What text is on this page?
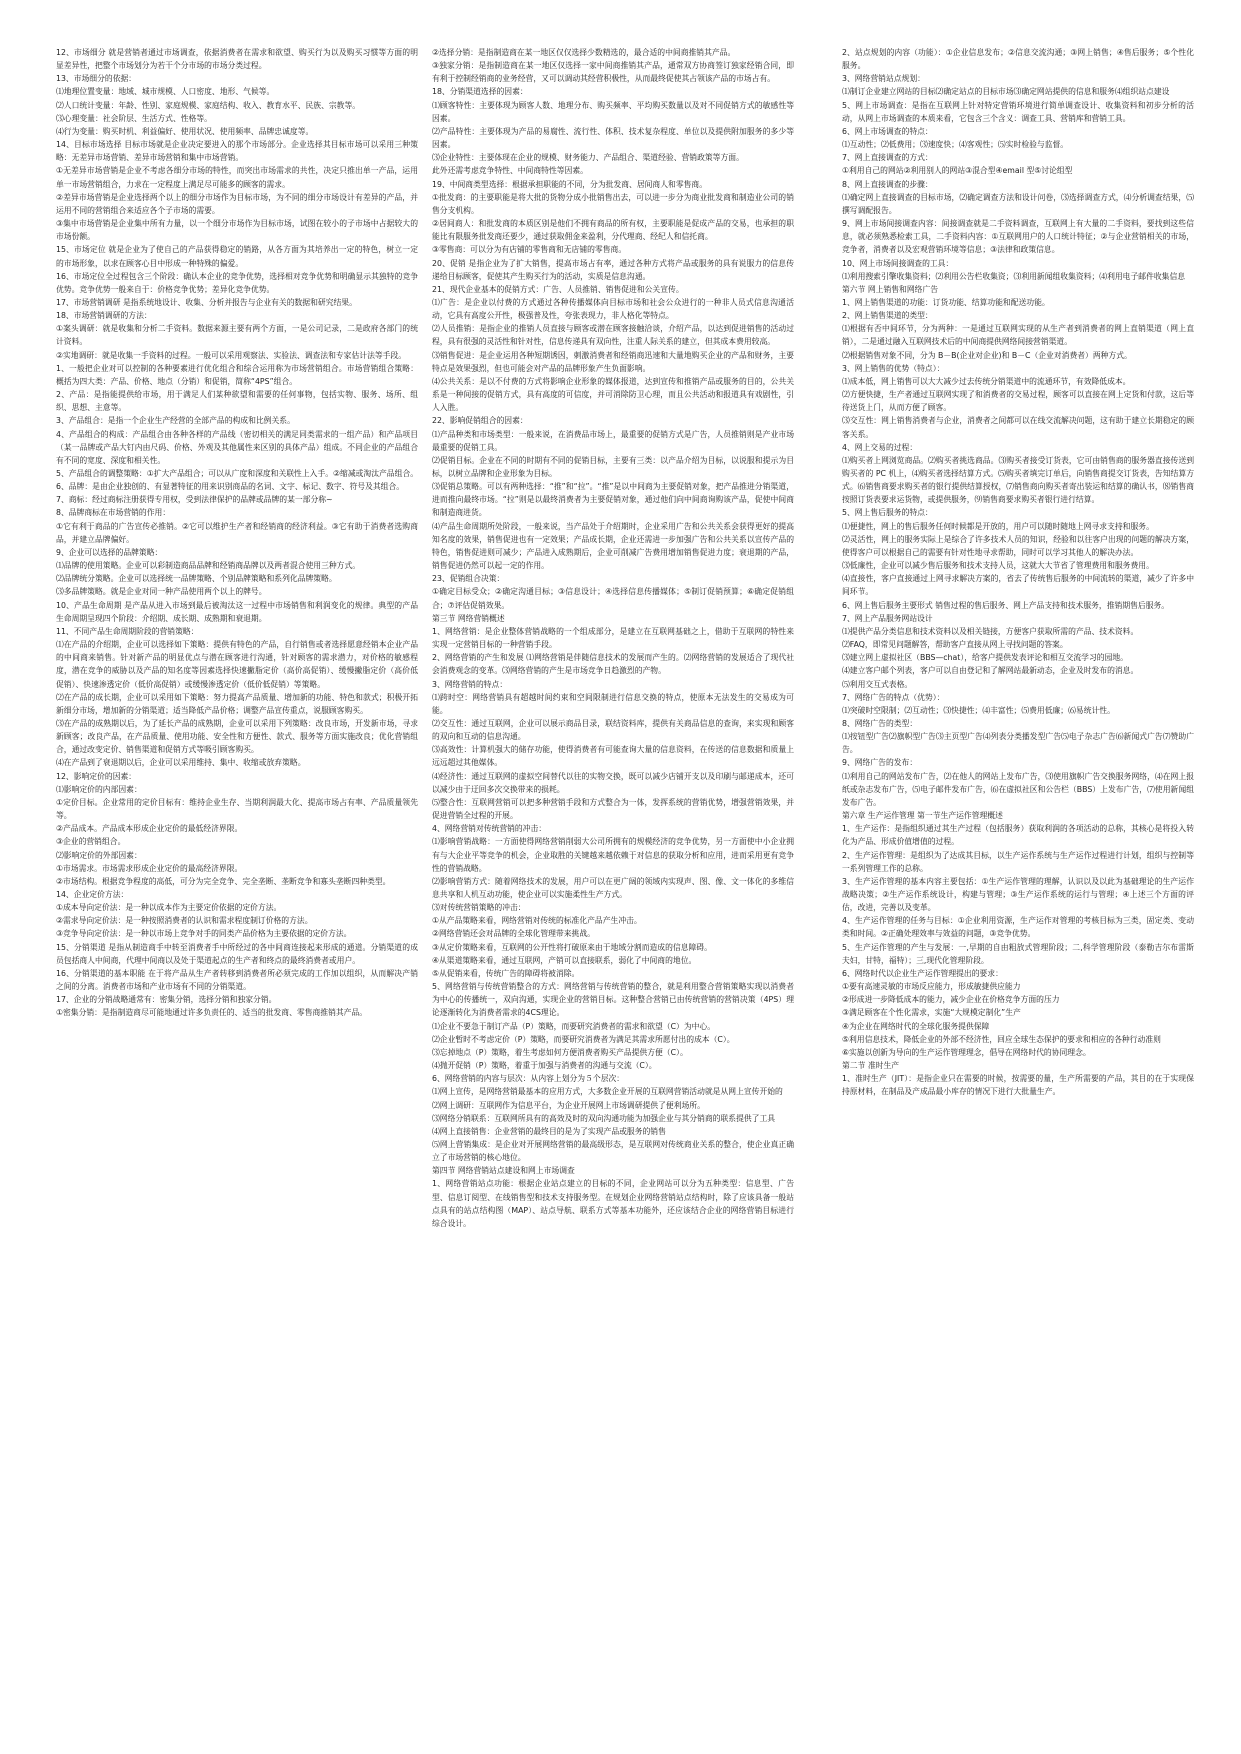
12、市场细分 就是营销者通过市场调查，依据消费者在需求和欲望、购买行为以及购买习惯等方面的明显差异性，把整个市场划分为若干个分市场的市场分类过程。

13、市场细分的依据：

⑴地理位置变量：地域、城市规模、人口密度、地形、气候等。

⑵人口统计变量：年龄、性别、家庭规模、家庭结构、收入、教育水平、民族、宗教等。

⑶心理变量：社会阶层、生活方式、性格等。

⑷行为变量：购买时机、利益偏好、使用状况、使用频率、品牌忠诚度等。

14、目标市场选择 目标市场就是企业决定要进入的那个市场部分。企业选择其目标市场可以采用三种策略：无差异市场营销、差异市场营销和集中市场营销。

①无差异市场营销是企业不考虑各细分市场的特性，而突出市场需求的共性，决定只推出单一产品，运用单一市场营销组合，力求在一定程度上满足尽可能多的顾客的需求。

②差异市场营销是企业选择两个以上的细分市场作为目标市场，为不同的细分市场设计有差异的产品，并运用不同的营销组合来适应各个子市场的需要。

③集中市场营销是企业集中所有力量，以一个细分市场作为目标市场，试图在较小的子市场中占据较大的市场份额。

15、市场定位 就是企业为了使自己的产品获得稳定的销路，从各方面为其培养出一定的特色，树立一定的市场形象，以求在顾客心目中形成一种特殊的偏爱。

16、市场定位全过程包含三个阶段：确认本企业的竞争优势，选择相对竞争优势和明确显示其独特的竞争优势。竞争优势一般来自于：价格竞争优势；差异化竞争优势。

17、市场营销调研 是指系统地设计、收集、分析并报告与企业有关的数据和研究结果。

18、市场营销调研的方法：

①案头调研：就是收集和分析二手资料。数据来源主要有两个方面，一是公司记录，二是政府各部门的统计资料。

②实地调研：就是收集一手资料的过程。一般可以采用观察法、实验法、调查法和专家估计法等手段。

1、一般把企业对可以控制的各种要素进行优化组合和综合运用称为市场营销组合。市场营销组合策略：概括为四大类：产品、价格、地点（分销）和促销，简称“4PS”组合。

2、产品：是指能提供给市场，用于满足人们某种欲望和需要的任何事物，包括实物、服务、场所、组织、思想、主意等。

3、产品组合：是指一个企业生产经营的全部产品的构成和比例关系。

4、产品组合的构成：产品组合由各种各样的产品线（密切相关的满足同类需求的一组产品）和产品项目（某一品牌或产品大钉内由尺码、价格、外观及其他属性来区别的具体产品）组成。不同企业的产品组合有不同的宽度、深度和相关性。

5、产品组合的调整策略：①扩大产品组合；可以从广度和深度和关联性上入手。②缩减或淘汰产品组合。

6、品牌：是由企业独创的、有显著特征的用来识别商品的名词、文字、标记、数字、符号及其组合。

7、商标：经过商标注册获得专用权，受到法律保护的品牌或品牌的某一部分称~

8、品牌商标在市场营销的作用：

①它有利于商品的广告宣传必推销。②它可以维护生产者和经销商的经济利益。③它有助于消费者选购商品，并建立品牌偏好。

9、企业可以选择的品牌策略：

⑴品牌的使用策略。企业可以彩制造商品品牌和经销商品牌以及两者混合使用三种方式。

⑵品牌统分策略。企业可以选择统一品牌策略、个别品牌策略和系列化品牌策略。

⑶多品牌策略。就是企业对同一种产品使用两个以上的牌号。

10、产品生命周期 是产品从进入市场到最后被淘汰这一过程中市场销售和利润变化的规律。典型的产品生命周期呈现四个阶段：介绍期、成长期、成熟期和衰退期。

11、不同产品生命周期阶段的营销策略：

⑴在产品的介绍期，企业可以选择如下策略：提供有特色的产品，自行销售或者选择愿意经销本企业产品的中间商来销售。针对新产品的明显优点与潜在顾客进行沟通，针对顾客的需求潜力，对价格的敏感程度，潜在竞争的威胁以及产品的知名度等因素选择快速撇脂定价（高价高促销）、缓慢撇脂定价（高价低促销）、快速渗透定价（低价高促销）或缓慢渗透定价（低价低促销）等策略。

⑵在产品的成长期，企业可以采用如下策略：努力提高产品质量、增加新的功能、特色和款式；积极开拓新细分市场，增加新的分销渠道；适当降低产品价格；调整产品宣传重点，说服顾客购买。

⑶在产品的成熟期以后，为了延长产品的成熟期，企业可以采用下列策略：改良市场，开发新市场，寻求新顾客；改良产品，在产品质量、使用功能、安全性和方便性、款式、服务等方面实施改良；优化营销组合，通过改变定价、销售渠道和促销方式等吸引顾客购买。

⑷在产品到了衰退期以后，企业可以采用维持、集中、收缩或放弃策略。

12、影响定价的因素：

⑴影响定价的内部因素：

①定价目标。企业常用的定价目标有：维持企业生存、当期利润最大化、提高市场占有率、产品质量领先等。

②产品成本。产品成本形成企业定价的最低经济界限。

③企业的营销组合。

⑵影响定价的外部因素：

①市场需求。市场需求形成企业定价的最高经济界限。

②市场结构。根据竞争程度的高低，可分为完全竞争、完全垄断、垄断竞争和寡头垄断四种类型。

14、企业定价方法：

①成本导向定价法：是一种以成本作为主要定价依据的定价方法。

②需求导向定价法：是一种按照消费者的认识和需求程度制订价格的方法。

③竞争导向定价法：是一种以市场上竞争对手的同类产品价格为主要依据的定价方法。

15、分销渠道 是指从制造商手中转至消费者手中所经过的各中间商连接起来形成的通道。分销渠道的成员包括商人中间商，代理中间商以及处于渠道起点的生产者和终点的最终消费者或用户。

16、分销渠道的基本职能 在于将产品从生产者转移到消费者所必须完成的工作加以组织，从而解决产销之间的分离。消费者市场和产业市场有不同的分销渠道。

17、企业的分销战略通常有：密集分销，选择分销和独家分销。

①密集分销：是指制造商尽可能地通过许多负责任的、适当的批发商、零售商推销其产品。

②选择分销：是指制造商在某一地区仅仅选择少数精选的，最合适的中间商推销其产品。

③独家分销：是指制造商在某一地区仅选择一家中间商推销其产品，通常双方协商签订独家经销合同，即有利于控制经销商的业务经营，又可以调动其经营积极性，从而最终促使其占领该产品的市场占有。

18、分销渠道选择的因素：

⑴顾客特性：主要体现为顾客人数、地理分布、购买频率、平均购买数量以及对不同促销方式的敏感性等因素。

⑵产品特性：主要体现为产品的易腐性、流行性、体积、技术复杂程度、单位以及提供附加服务的多少等因素。

⑶企业特性：主要体现在企业的规模、财务能力、产品组合、渠道经验、营销政策等方面。

此外还需考虑竞争特性、中间商特性等因素。

19、中间商类型选择：根据承担职能的不同，分为批发商、居间商人和零售商。

①批发商：的主要职能是将大批的货物分成小批销售出去，可以进一步分为商业批发商和制造业公司的销售分支机构。

②居间商人：和批发商的本质区别是他们不拥有商品的所有权，主要职能是促成产品的交易，也承担的职能比有限服务批发商还要少，通过获取佣金来盈利，分代理商、经纪人和信托商。

③零售商：可以分为有店铺的零售商和无店铺的零售商。

20、促销 是指企业为了扩大销售，提高市场占有率，通过各种方式将产品或服务的具有说服力的信息传递给目标顾客，促使其产生购买行为的活动，实质是信息沟通。

21、现代企业基本的促销方式：广告、人员推销、销售促进和公关宣传。

⑴广告：是企业以付费的方式通过各种传播媒体向目标市场和社会公众进行的一种非人员式信息沟通活动，它具有高度公开性，极强普及性，夸张表现力，非人格化等特点。

⑵人员推销：是指企业的推销人员直接与顾客或潜在顾客接触洽谈，介绍产品，以达到促进销售的活动过程，具有很强的灵活性和针对性，信息传递具有双向性，注重人际关系的建立，但其成本费用较高。

⑶销售促进：是企业运用各种短期诱因，刺激消费者和经销商迅速和大量地购买企业的产品和财务，主要特点是效果强烈，但也可能会对产品的品牌形象产生负面影响。

⑷公共关系：是以不付费的方式将影响企业形象的媒体报道，达到宣传和推销产品或服务的目的，公共关系是一种间接的促销方式，具有高度的可信度，并可消除防卫心理，而且公共活动和报道具有戏剧性，引人入胜。

22、影响促销组合的因素：

⑴产品种类和市场类型：一般来说，在消费品市场上，最重要的促销方式是广告，人员推销则是产业市场最重要的促销工具。

⑵促销目标。企业在不同的时期有不同的促销目标，主要有三类：以产品介绍为目标，以说服和提示为目标，以树立品牌和企业形象为目标。

⑶促销总策略。可以有两种选择：“推”和“拉”。“推”是以中间商为主要促销对象，把产品推进分销渠道，进而推向最终市场。“拉”则是以最终消费者为主要促销对象，通过他们向中间商询购该产品，促使中间商和制造商进货。

⑷产品生命周期所处阶段，一般来说，当产品处于介绍期时，企业采用广告和公共关系会获得更好的提高知名度的效果，销售促进也有一定效果；产品成长期，企业还需进一步加强广告和公共关系以宣传产品的特色，销售促进则可减少；产品进入成熟期后，企业可削减广告费用增加销售促进力度；衰退期的产品，销售促进仍然可以起一定的作用。

23、促销组合决策：

①确定目标受众；②确定沟通目标；③信息设计；④选择信息传播媒体；⑤制订促销预算；⑥确定促销组合；⑦评估促销效果。

第三节 网络营销概述

1、网络营销：是企业整体营销战略的一个组成部分，是建立在互联网基础之上，借助于互联网的特性来实现一定营销目标的一种营销手段。

2、网络营销的产生和发展 ⑴网络营销是伴随信息技术的发展而产生的。⑵网络营销的发展适合了现代社会消费观念的变革。⑶网络营销的产生是市场竞争日趋激烈的产物。

3、网络营销的特点：

⑴跨时空：网络营销具有超越时间约束和空间限制进行信息交换的特点，使原本无法发生的交易成为可能。

⑵交互性：通过互联网，企业可以展示商品目录，联结资料库，提供有关商品信息的查询，来实现和顾客的双向和互动的信息沟通。

⑶高效性：计算机强大的储存功能，使得消费者有可能查询大量的信息资料，在传送的信息数据和质量上远远超过其他媒体。

⑷经济性：通过互联网的虚拟空间替代以往的实物交换，既可以减少店铺开支以及印刷与邮递成本，还可以减少由于迂回多次交换带来的损耗。

⑸整合性：互联网营销可以把多种营销手段和方式整合为一体，发挥系统的营销优势，增强营销效果，并促进营销全过程的开展。

4、网络营销对传统营销的冲击：

⑴影响营销战略：一方面使得网络营销削弱大公司所拥有的规模经济的竞争优势，另一方面使中小企业拥有与大企业平等竞争的机会，企业取胜的关键越来越依赖于对信息的获取分析和应用，进而采用更有竞争性的营销战略。

⑵影响营销方式：随着网络技术的发展，用户可以在更广阔的领域内实现声、图、像、文一体化的多维信息共享和人机互动功能，使企业可以实施柔性生产方式。

⑶对传统营销策略的冲击：

①从产品策略来看，网络营销对传统的标准化产品产生冲击。

②网络营销还会对品牌的全球化管理带来挑战。

③从定价策略来看，互联网的公开性将打破原来由于地域分割而造成的信息障碍。

④从渠道策略来看，通过互联网，产销可以直接联系，弱化了中间商的地位。

⑤从促销来看，传统广告的障碍将被消除。

5、网络营销与传统营销整合的方式：网络营销与传统营销的整合，就是利用整合营销策略实现以消费者为中心的传播统一，双向沟通，实现企业的营销目标。这种整合营销已由传统营销的营销决策（4PS）理论逐渐转化为消费者需求的4CS理论。

⑴企业不要急于制订产品（P）策略，而要研究消费者的需求和欲望（C）为中心。

⑵企业暂时不考虑定价（P）策略，而要研究消费者为满足其需求所愿付出的成本（C）。

⑶忘掉地点（P）策略，着生考虑如何方便消费者购买产品提供方便（C）。

⑷抛开促销（P）策略，着重于加强与消费者的沟通与交流（C）。

6、网络营销的内容与层次：从内容上划分为５个层次：

⑴网上宣传，是网络营销最基本的应用方式，大多数企业开展的互联网营销活动就是从网上宣传开始的

⑵网上调研：互联网作为信息平台，为企业开展网上市场调研提供了便利场所。

⑶网络分销联系：互联网所具有的高效及时的双向沟通功能为加强企业与其分销商的联系提供了工具

⑷网上直接销售：企业营销的最终目的是为了实现产品或服务的销售

⑸网上营销集成：是企业对开展网络营销的最高级形态，是互联网对传统商业关系的整合，使企业真正确立了市场营销的核心地位。

第四节 网络营销站点建设和网上市场调查

1、网络营销站点功能：根据企业站点建立的目标的不同，企业网站可以分为五种类型：信息型、广告型、信息订阅型、在线销售型和技术支持服务型。在规划企业网络营销站点结构时，除了应该具备一般站点具有的站点结构图（MAP）、站点导航、联系方式等基本功能外，还应该结合企业的网络营销目标进行综合设计。

2、站点规划的内容（功能）：①企业信息发布；②信息交流沟通；③网上销售；④售后服务；⑤个性化服务。

3、网络营销站点规划：

⑴制订企业建立网站的目标⑵确定站点的目标市场⑶确定网站提供的信息和服务⑷组织站点建设

5、网上市场调查：是指在互联网上针对特定营销环境进行简单调查设计、收集资料和初步分析的活动，从网上市场调查的本质来看，它包含三个含义：调查工具、营销库和营销工具。

6、网上市场调查的特点：

⑴互动性；⑵低费用；⑶速度快；⑷客观性；⑸实时检验与监督。

7、网上直接调查的方式：

①利用自己的网站②利用别人的网站③混合型④email 型⑤讨论组型

8、网上直接调查的步骤：

⑴确定网上直接调查的目标市场，⑵确定调查方法和设计问卷，⑶选择调查方式，⑷分析调查结果，⑸撰写调配报告。

9、网上市场间接调查内容：间接调查就是二手资料调查，互联网上有大量的二手资料，要找到这些信息，就必须熟悉检索工具，二手资料内容：①互联网用户的人口统计特征；②与企业营销相关的市场，竞争者，消费者以及宏观营销环境等信息；③法律和政策信息。

10、网上市场间接调查的工具：

⑴利用搜索引擎收集资料；⑵利用公告栏收集资；⑶利用新闻组收集资料；⑷利用电子邮件收集信息

第六节 网上销售和网络广告

1、网上销售渠道的功能：订货功能、结算功能和配送功能。

2、网上销售渠道的类型：

⑴根据有否中间环节，分为两种：一是通过互联网实现的从生产者到消费者的网上直销渠道（网上直销），二是通过融入互联网技术后的中间商提供网络间接营销渠道。

⑵根据销售对象不同，分为 B－B(企业对企业)和 B－C（企业对消费者）两种方式。

3、网上销售的优势（特点）：

⑴成本低，网上销售可以大大减少过去传统分销渠道中的流通环节，有效降低成本。

⑵方便快捷，生产者通过互联网实现了和消费者的交易过程，顾客可以直接在网上定货和付款，这后等待送货上门，从而方便了顾客。

⑶交互性：网上销售消费者与企业，消费者之间都可以在线交流解决问题，这有助于建立长期稳定的顾客关系。

4、网上交易的过程：

⑴购买者上网浏览商品。⑵购买者挑选商品。⑶购买者接受订货表，它可由销售商的服务器直接传送到购买者的 PC 机上，⑷购买者选择结算方式。⑸购买者填完订单后，向销售商提交订货表，告知结算方式。⑹销售商要求购买者的银行提供结算授权，⑺销售商向购买者寄出装运和结算的确认书，⑻销售商按照订货表要求运货物，或提供服务，⑼销售商要求购买者银行进行结算。

5、网上售后服务的特点：

⑴便捷性，网上的售后服务任何时候都是开放的，用户可以随时随地上网寻求支持和服务。

⑵灵活性，网上的服务实际上是综合了许多技术人员的知识，经验和以往客户出现的问题的解决方案，使得客户可以根据自己的需要有针对性地寻求帮助，同时可以学习其他人的解决办法。

⑶低廉性，企业可以减少售后服务和技术支持人员，这就大大节省了管理费用和服务费用。

⑷直接性，客户直接通过上网寻求解决方案的，省去了传统售后服务的中间流转的渠道，减少了许多中间环节。

6、网上售后服务主要形式 销售过程的售后服务、网上产品支持和技术服务，推销期售后服务。

7、网上产品服务网站设计

⑴提供产品分类信息和技术资料以及相关链接，方便客户获取所需的产品、技术资料。

⑵FAQ，即常见问题解答，帮助客户直接从网上寻找问题的答案。

⑶建立网上虚拟社区（BBS—chat），给客户提供发表评论和相互交流学习的园地。

⑷建立客户邮个列表，客户可以自由登记和了解网站最新动态，企业及时发布的消息。

⑸利用交互式表格。

7、网络广告的特点（优势）：

⑴突破时空限制；⑵互动性；⑶快捷性；⑷丰富性；⑸费用低廉；⑹易统计性。

8、网络广告的类型：

⑴按钮型广告⑵旗帜型广告⑶主页型广告⑷列表分类播发型广告⑸电子杂志广告⑹新闻式广告⑺赞助广告。

9、网络广告的发布：

⑴利用自己的网站发布广告，⑵在他人的网站上发布广告，⑶使用旗帜广告交换服务网络，⑷在网上报纸或杂志发布广告，⑸电子邮件发布广告，⑹在虚拟社区和公告栏（BBS）上发布广告，⑺使用新闻组发布广告。

第六章 生产运作管理 第一节生产运作管理概述

1、生产运作：是指组织通过其生产过程（包括服务）获取利润的各项活动的总称，其核心是将投入转化为产品、形成价值增值的过程。

2、生产运作管理：是组织为了达成其目标，以生产运作系统与生产运作过程进行计划，组织与控制等一系列管理工作的总称。

3、生产运作管理的基本内容主要包括：①生产运作管理的理解，认识以及以此为基础理论的生产运作战略决策；②生产运作系统设计，构建与管理；③生产运作系统的运行与管理；④上述三个方面的评估，改进，完善以及变革。

4、生产运作管理的任务与目标：①企业利用资源，生产运作对管理的考核目标为三类，固定类、变动类和时间。②正确处理效率与效益的问题，③竞争优势。

5、生产运作管理的产生与发展：一,早期的自由粗放式管理阶段；二,科学管理阶段（泰勒吉尔布雷斯夫妇，甘特，福特）；三,现代化管理阶段。

6、网络时代以企业生产运作管理提出的要求：

①要有高速灵敏的市场反应能力，形成敏捷供应能力

②形成进一步降低成本的能力，减少企业在价格竞争方面的压力

③满足顾客在个性化需求，实施“大规模定制化”生产

④为企业在网络时代的全球化服务提供保障

⑤利用信息技术，降低企业的外部不经济性，回应全球生态保护的要求和相应的各种行动准则

⑥实施以创新为导向的生产运作管理理念，倡导在网络时代的协同理念。

第二节 准时生产

1、准时生产（JIT）：是指企业只在需要的时候，按需要的量，生产所需要的产品，其目的在于实现保持原材料，在制品及产成品最小库存的情况下进行大批量生产。
